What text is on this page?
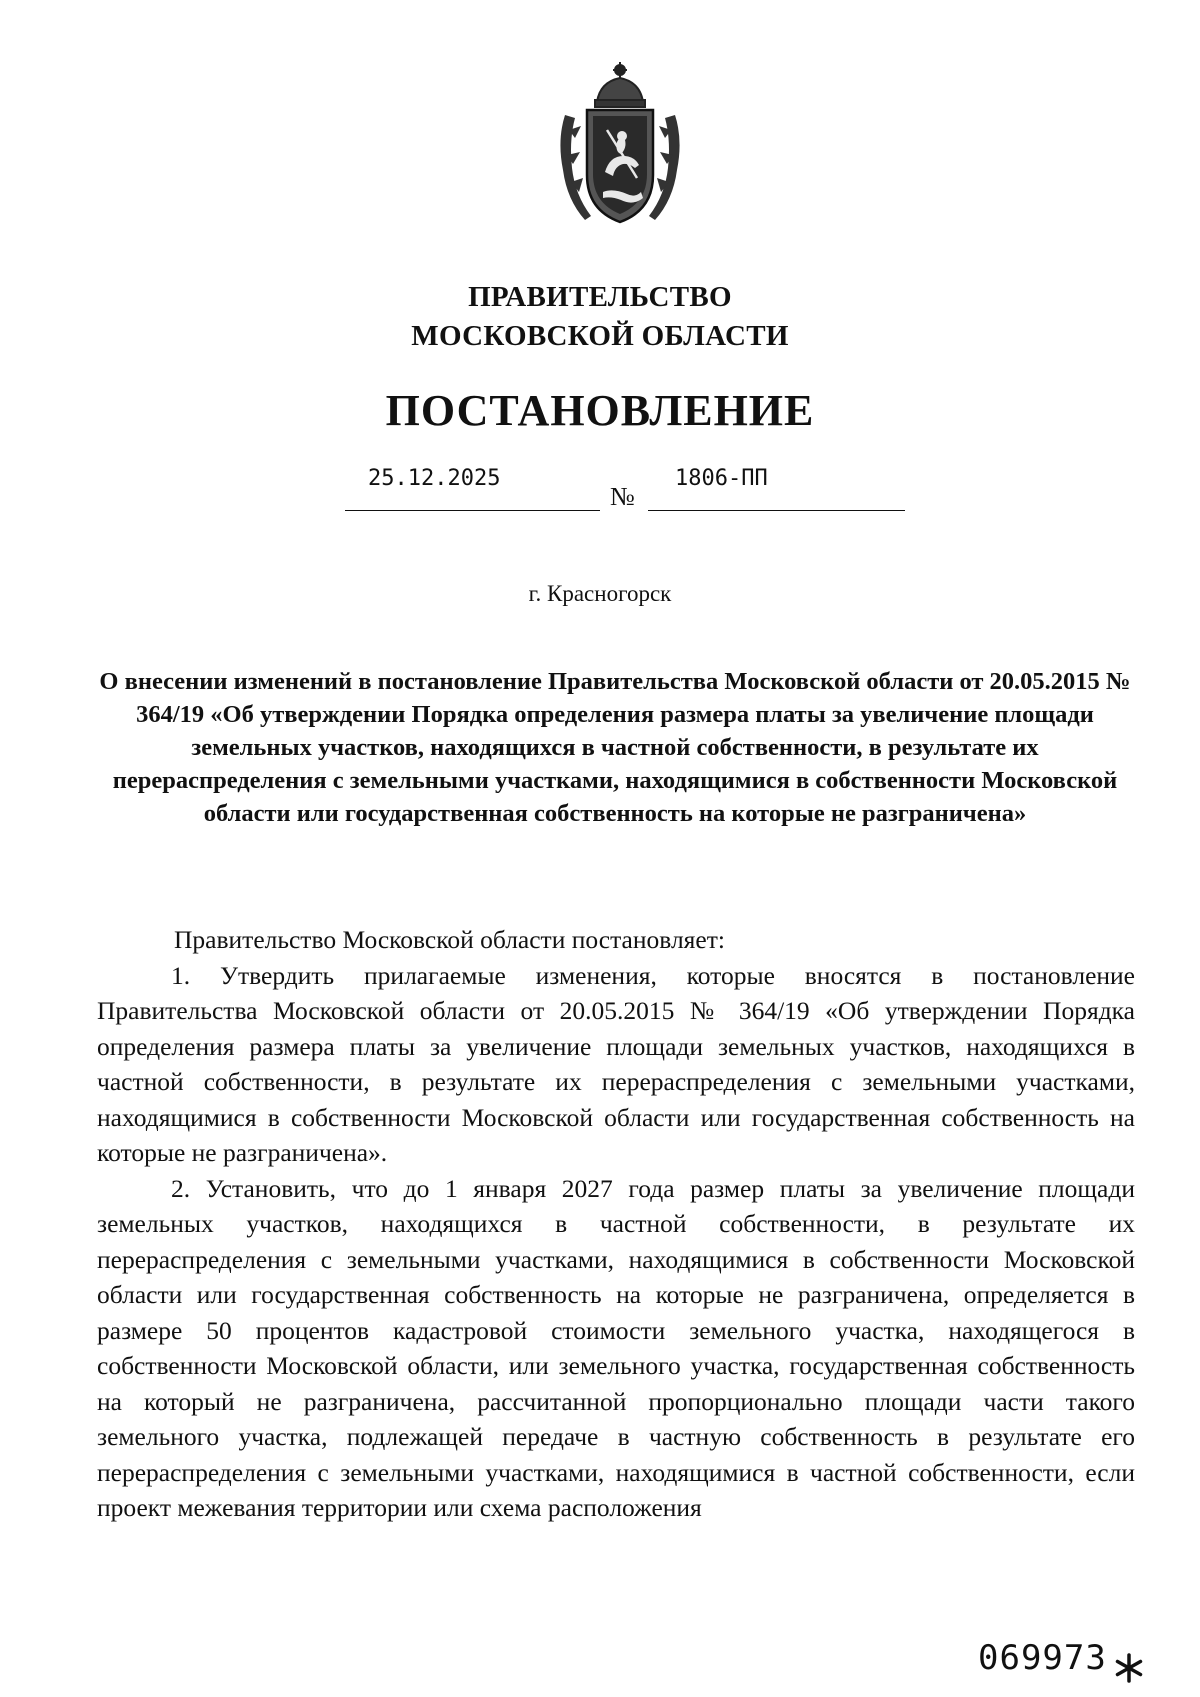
ПРАВИТЕЛЬСТВО
МОСКОВСКОЙ ОБЛАСТИ
ПОСТАНОВЛЕНИЕ
25.12.2025
№
1806-ПП
г. Красногорск
О внесении изменений в постановление Правительства Московской области от 20.05.2015 № 364/19 «Об утверждении Порядка определения размера платы за увеличение площади земельных участков, находящихся в частной собственности, в результате их перераспределения с земельными участками, находящимися в собственности Московской области или государственная собственность на которые не разграничена»

Правительство Московской области постановляет:

1. Утвердить прилагаемые изменения, которые вносятся в постановление Правительства Московской области от 20.05.2015 № 364/19 «Об утверждении Порядка определения размера платы за увеличение площади земельных участков, находящихся в частной собственности, в результате их перераспределения с земельными участками, находящимися в собственности Московской области или государственная собственность на которые не разграничена».

2. Установить, что до 1 января 2027 года размер платы за увеличение площади земельных участков, находящихся в частной собственности, в результате их перераспределения с земельными участками, находящимися в собственности Московской области или государственная собственность на которые не разграничена, определяется в размере 50 процентов кадастровой стоимости земельного участка, находящегося в собственности Московской области, или земельного участка, государственная собственность на который не разграничена, рассчитанной пропорционально площади части такого земельного участка, подлежащей передаче в частную собственность в результате его перераспределения с земельными участками, находящимися в частной собственности, если проект межевания территории или схема расположения

069973
